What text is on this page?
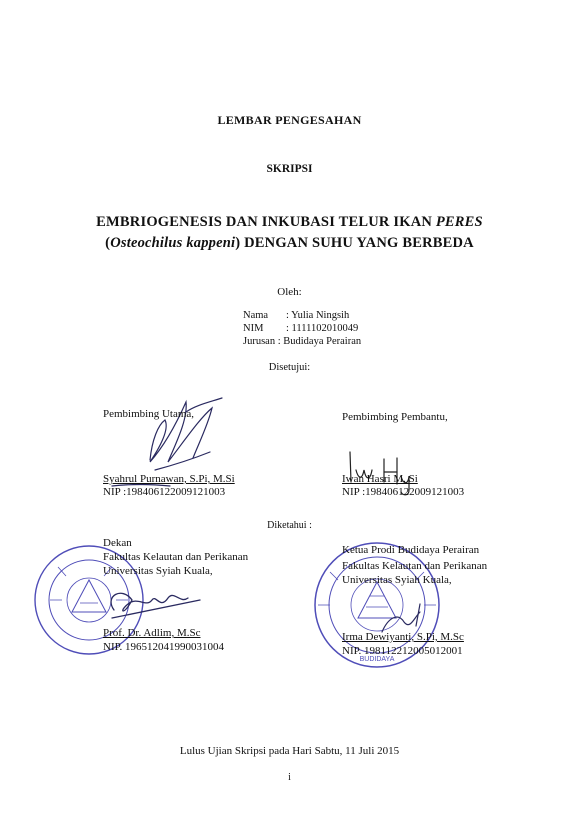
LEMBAR PENGESAHAN
SKRIPSI
EMBRIOGENESIS DAN INKUBASI TELUR IKAN PERES
(Osteochilus kappeni) DENGAN SUHU YANG BERBEDA
Oleh:
Nama : Yulia Ningsih
NIM : 1111102010049
Jurusan : Budidaya Perairan
Disetujui:
BUDIDAYA
Pembimbing Utama,
Syahrul Purnawan, S.Pi, M.Si
NIP :198406122009121003
Pembimbing Pembantu,
Iwan Hasri M. Si
NIP :198406122009121003
Diketahui :
Dekan
Fakultas Kelautan dan Perikanan
Universitas Syiah Kuala,
Prof. Dr. Adlim, M.Sc
NIP. 196512041990031004
Ketua Prodi Budidaya Perairan
Fakultas Kelautan dan Perikanan
Universitas Syiah Kuala,
Irma Dewiyanti, S.Pi, M.Sc
NIP. 198112212005012001
Lulus Ujian Skripsi pada Hari Sabtu, 11 Juli 2015
i
